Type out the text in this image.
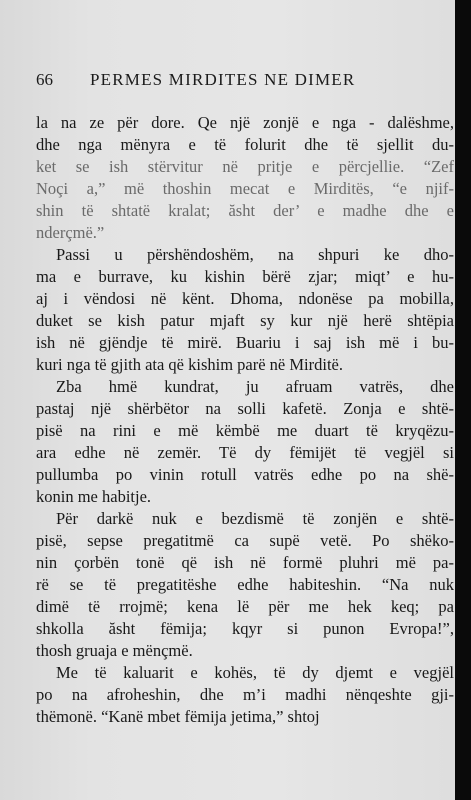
66 PERMES MIRDITES NE DIMER
la na ze për dore. Qe një zonjë e nga - dalëshme,
dhe nga mënyra e të folurit dhe të sjellit du-
ket se ish stërvitur në pritje e përcjellie. “Zef
Noçi a,” më thoshin mecat e Mirditës, “e njif-
shin të shtatë kralat; ăsht der’ e madhe dhe e
nderçmë.”
Passi u përshëndoshëm, na shpuri ke dho-
ma e burrave, ku kishin bërë zjar; miqt’ e hu-
aj i vëndosi në kënt. Dhoma, ndonëse pa mobilla,
duket se kish patur mjaft sy kur një herë shtëpia
ish në gjëndje të mirë. Buariu i saj ish më i bu-
kuri nga të gjith ata që kishim parë në Mirditë.
Zba hmë kundrat, ju afruam vatrës, dhe
pastaj një shërbëtor na solli kafetë. Zonja e shtë-
pisë na rini e më këmbë me duart të kryqëzu-
ara edhe në zemër. Të dy fëmijët të vegjël si
pullumba po vinin rotull vatrës edhe po na shë-
konin me habitje.
Për darkë nuk e bezdismë të zonjën e shtë-
pisë, sepse pregatitmë ca supë vetë. Po shëko-
nin çorbën tonë që ish në formë pluhri më pa-
rë se të pregatitëshe edhe habiteshin. “Na nuk
dimë të rrojmë; kena lë për me hek keq; pa
shkolla ăsht fëmija; kqyr si punon Evropa!”,
thosh gruaja e mënçmë.
Me të kaluarit e kohës, të dy djemt e vegjël
po na afroheshin, dhe m’i madhi nënqeshte gji-
thëmonë. “Kanë mbet fëmija jetima,” shtoj
